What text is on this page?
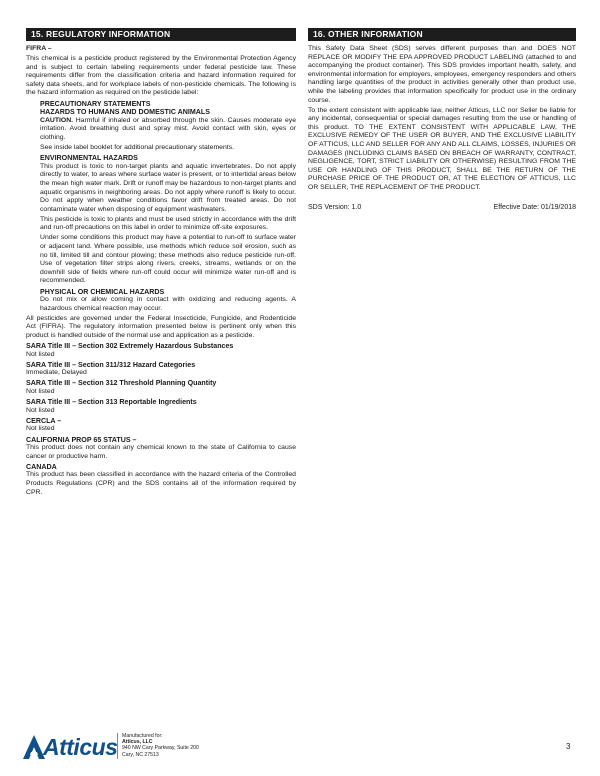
15. REGULATORY INFORMATION

FIFRA –

This chemical is a pesticide product registered by the Environmental Protection Agency and is subject to certain labeling requirements under federal pesticide law. These requirements differ from the classification criteria and hazard information required for safety data sheets, and for workplace labels of non-pesticide chemicals. The following is the hazard information as required on the pesticide label:

PRECAUTIONARY STATEMENTS

HAZARDS TO HUMANS AND DOMESTIC ANIMALS

CAUTION. Harmful if inhaled or absorbed through the skin. Causes moderate eye irritation. Avoid breathing dust and spray mist. Avoid contact with skin, eyes or clothing.

See inside label booklet for additional precautionary statements.

ENVIRONMENTAL HAZARDS

This product is toxic to non-target plants and aquatic invertebrates. Do not apply directly to water, to areas where surface water is present, or to intertidal areas below the mean high water mark. Drift or runoff may be hazardous to non-target plants and aquatic organisms in neighboring areas. Do not apply where runoff is likely to occur. Do not apply when weather conditions favor drift from treated areas. Do not contaminate water when disposing of equipment washwaters.

This pesticide is toxic to plants and must be used strictly in accordance with the drift and run-off precautions on this label in order to minimize off-site exposures.

Under some conditions this product may have a potential to run-off to surface water or adjacent land. Where possible, use methods which reduce soil erosion, such as no till, limited till and contour plowing; these methods also reduce pesticide run-off. Use of vegetation filter strips along rivers, creeks, streams, wetlands or on the downhill side of fields where run-off could occur will minimize water run-off and is recommended.

PHYSICAL OR CHEMICAL HAZARDS

Do not mix or allow coming in contact with oxidizing and reducing agents. A hazardous chemical reaction may occur.

All pesticides are governed under the Federal Insecticide, Fungicide, and Rodenticide Act (FIFRA). The regulatory information presented below is pertinent only when this product is handled outside of the normal use and application as a pesticide.

SARA Title III – Section 302 Extremely Hazardous Substances

Not listed

SARA Title III – Section 311/312 Hazard Categories

Immediate, Delayed

SARA Title III – Section 312 Threshold Planning Quantity

Not listed

SARA Title III – Section 313 Reportable Ingredients

Not listed

CERCLA –

Not listed

CALIFORNIA PROP 65 STATUS –

This product does not contain any chemical known to the state of California to cause cancer or productive harm.

CANADA

This product has been classified in accordance with the hazard criteria of the Controlled Products Regulations (CPR) and the SDS contains all of the information required by CPR.

16. OTHER INFORMATION

This Safety Data Sheet (SDS) serves different purposes than and DOES NOT REPLACE OR MODIFY THE EPA APPROVED PRODUCT LABELING (attached to and accompanying the product container). This SDS provides important health, safety, and environmental information for employers, employees, emergency responders and others handling large quantities of the product in activities generally other than product use, while the labeling provides that information specifically for product use in the ordinary course.

To the extent consistent with applicable law, neither Atticus, LLC nor Seller be liable for any incidental, consequential or special damages resulting from the use or handling of this product. TO THE EXTENT CONSISTENT WITH APPLICABLE LAW, THE EXCLUSIVE REMEDY OF THE USER OR BUYER, AND THE EXCLUSIVE LIABILITY OF ATTICUS, LLC AND SELLER FOR ANY AND ALL CLAIMS, LOSSES, INJURIES OR DAMAGES (INCLUDING CLAIMS BASED ON BREACH OF WARRANTY, CONTRACT, NEGLIGENCE, TORT, STRICT LIABILITY OR OTHERWISE) RESULTING FROM THE USE OR HANDLING OF THIS PRODUCT, SHALL BE THE RETURN OF THE PURCHASE PRICE OF THE PRODUCT OR, AT THE ELECTION OF ATTICUS, LLC OR SELLER, THE REPLACEMENT OF THE PRODUCT.

SDS Version: 1.0	Effective Date: 01/19/2018
Atticus Manufactured for:
Atticus, LLC
940 NW Cary Parkway, Suite 200
Cary, NC 27513
3
